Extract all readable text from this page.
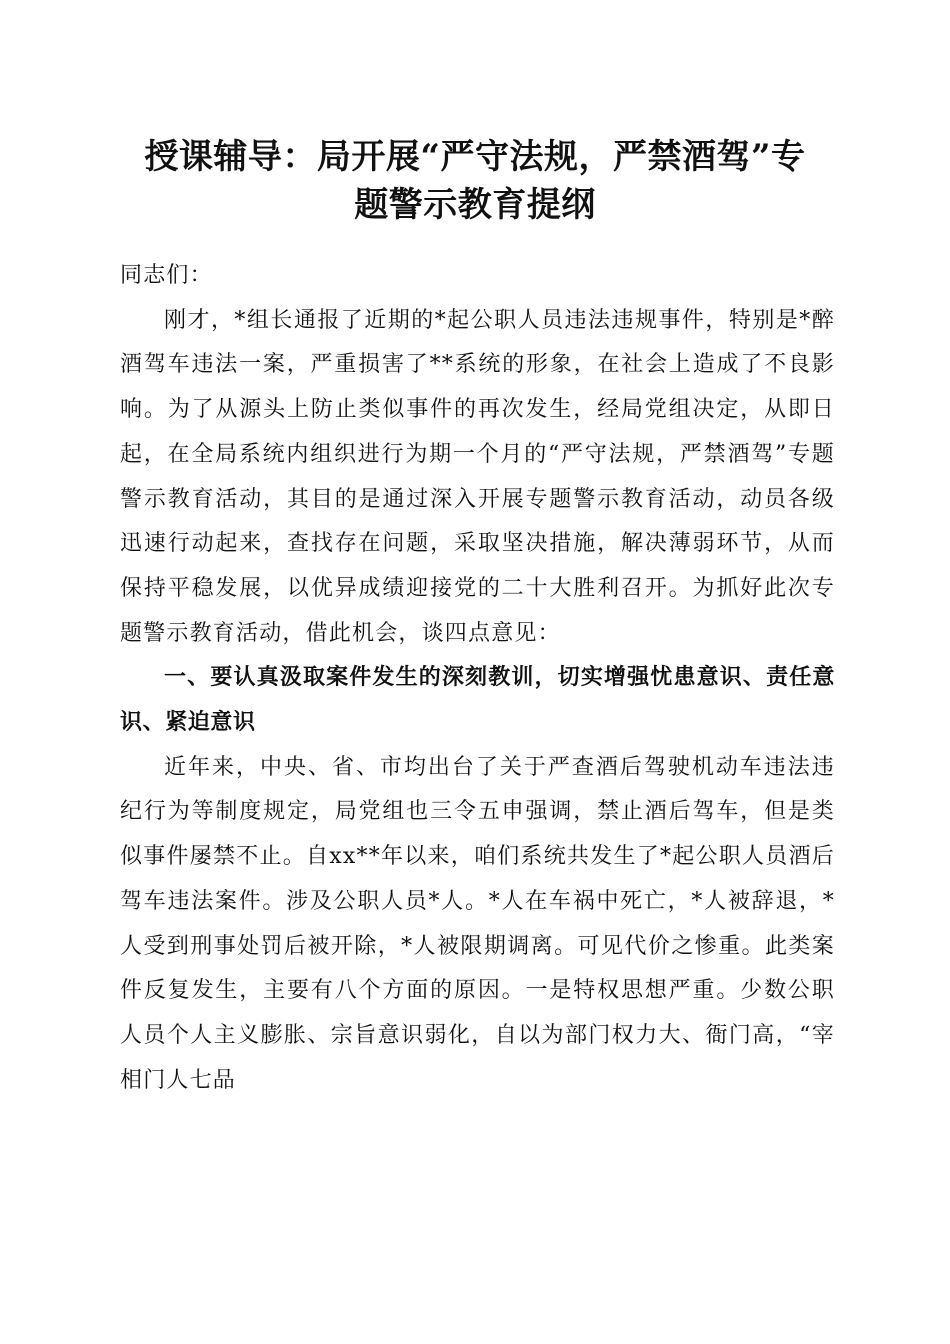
授课辅导：局开展“严守法规，严禁酒驾”专
题警示教育提纲

同志们：

刚才，*组长通报了近期的*起公职人员违法违规事件，特别是*醉酒驾车违法一案，严重损害了**系统的形象，在社会上造成了不良影响。为了从源头上防止类似事件的再次发生，经局党组决定，从即日起，在全局系统内组织进行为期一个月的“严守法规，严禁酒驾”专题警示教育活动，其目的是通过深入开展专题警示教育活动，动员各级迅速行动起来，查找存在问题，采取坚决措施，解决薄弱环节，从而保持平稳发展，以优异成绩迎接党的二十大胜利召开。为抓好此次专题警示教育活动，借此机会，谈四点意见：

一、要认真汲取案件发生的深刻教训，切实增强忧患意识、责任意识、紧迫意识

近年来，中央、省、市均出台了关于严查酒后驾驶机动车违法违纪行为等制度规定，局党组也三令五申强调，禁止酒后驾车，但是类似事件屡禁不止。自xx**年以来，咱们系统共发生了*起公职人员酒后驾车违法案件。涉及公职人员*人。*人在车祸中死亡，*人被辞退，*人受到刑事处罚后被开除，*人被限期调离。可见代价之惨重。此类案件反复发生，主要有八个方面的原因。一是特权思想严重。少数公职人员个人主义膨胀、宗旨意识弱化，自以为部门权力大、衙门高，“宰相门人七品
